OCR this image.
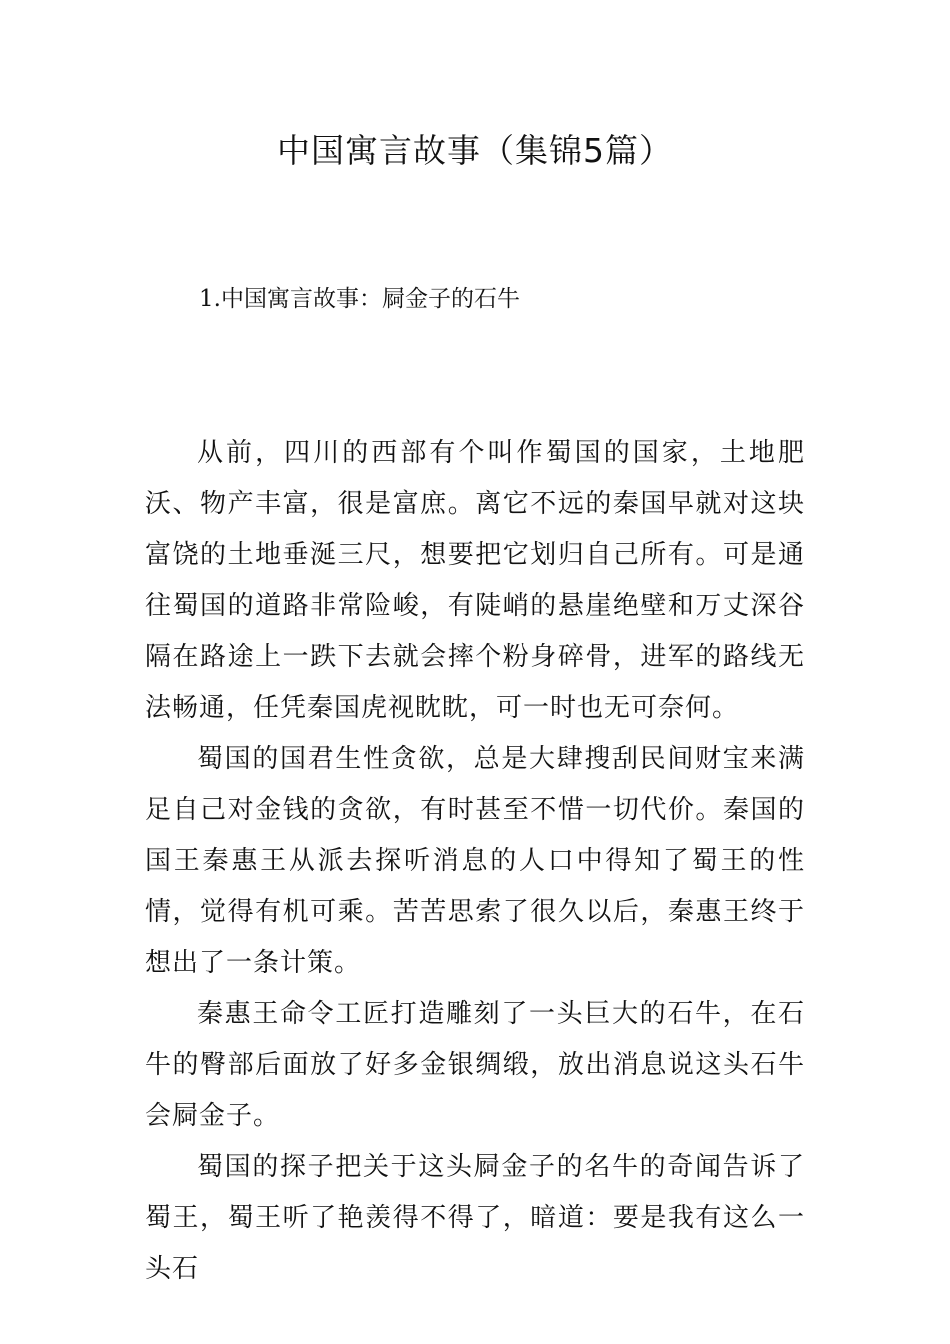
中国寓言故事（集锦5篇）
1.中国寓言故事：屙金子的石牛

从前，四川的西部有个叫作蜀国的国家，土地肥沃、物产丰富，很是富庶。离它不远的秦国早就对这块富饶的土地垂涎三尺，想要把它划归自己所有。可是通往蜀国的道路非常险峻，有陡峭的悬崖绝壁和万丈深谷隔在路途上一跌下去就会摔个粉身碎骨，进军的路线无法畅通，任凭秦国虎视眈眈，可一时也无可奈何。

蜀国的国君生性贪欲，总是大肆搜刮民间财宝来满足自己对金钱的贪欲，有时甚至不惜一切代价。秦国的国王秦惠王从派去探听消息的人口中得知了蜀王的性情，觉得有机可乘。苦苦思索了很久以后，秦惠王终于想出了一条计策。

秦惠王命令工匠打造雕刻了一头巨大的石牛，在石牛的臀部后面放了好多金银绸缎，放出消息说这头石牛会屙金子。

蜀国的探子把关于这头屙金子的名牛的奇闻告诉了蜀王，蜀王听了艳羡得不得了，暗道：要是我有这么一头石
